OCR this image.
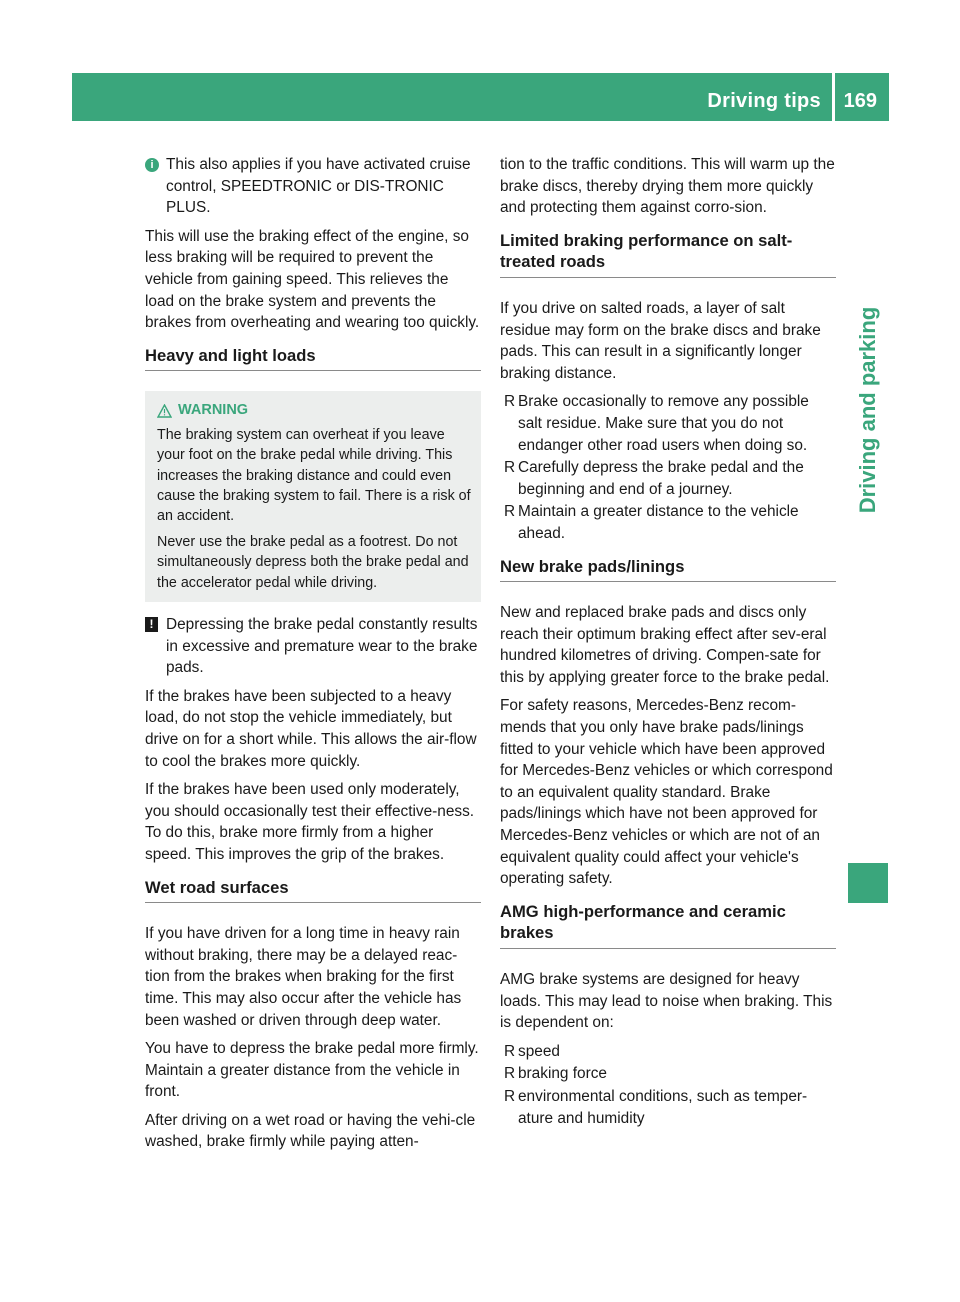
Driving tips 169
Driving and parking
i This also applies if you have activated cruise control, SPEEDTRONIC or DIS-TRONIC PLUS.

This will use the braking effect of the engine, so less braking will be required to prevent the vehicle from gaining speed. This relieves the load on the brake system and prevents the brakes from overheating and wearing too quickly.

Heavy and light loads
WARNING

The braking system can overheat if you leave your foot on the brake pedal while driving. This increases the braking distance and could even cause the braking system to fail. There is a risk of an accident.

Never use the brake pedal as a footrest. Do not simultaneously depress both the brake pedal and the accelerator pedal while driving.

! Depressing the brake pedal constantly results in excessive and premature wear to the brake pads.

If the brakes have been subjected to a heavy load, do not stop the vehicle immediately, but drive on for a short while. This allows the air-flow to cool the brakes more quickly.

If the brakes have been used only moderately, you should occasionally test their effective-ness. To do this, brake more firmly from a higher speed. This improves the grip of the brakes.

Wet road surfaces

If you have driven for a long time in heavy rain without braking, there may be a delayed reac-tion from the brakes when braking for the first time. This may also occur after the vehicle has been washed or driven through deep water.

You have to depress the brake pedal more firmly. Maintain a greater distance from the vehicle in front.

After driving on a wet road or having the vehi-cle washed, brake firmly while paying atten-

tion to the traffic conditions. This will warm up the brake discs, thereby drying them more quickly and protecting them against corro-sion.

Limited braking performance on salt-treated roads

If you drive on salted roads, a layer of salt residue may form on the brake discs and brake pads. This can result in a significantly longer braking distance.

R Brake occasionally to remove any possible salt residue. Make sure that you do not endanger other road users when doing so.
R Carefully depress the brake pedal and the beginning and end of a journey.
R Maintain a greater distance to the vehicle ahead.
New brake pads/linings

New and replaced brake pads and discs only reach their optimum braking effect after sev-eral hundred kilometres of driving. Compen-sate for this by applying greater force to the brake pedal.

For safety reasons, Mercedes-Benz recom-mends that you only have brake pads/linings fitted to your vehicle which have been approved for Mercedes-Benz vehicles or which correspond to an equivalent quality standard. Brake pads/linings which have not been approved for Mercedes-Benz vehicles or which are not of an equivalent quality could affect your vehicle's operating safety.

AMG high-performance and ceramic brakes

AMG brake systems are designed for heavy loads. This may lead to noise when braking. This is dependent on:

R speed
R braking force
R environmental conditions, such as temper-ature and humidity
